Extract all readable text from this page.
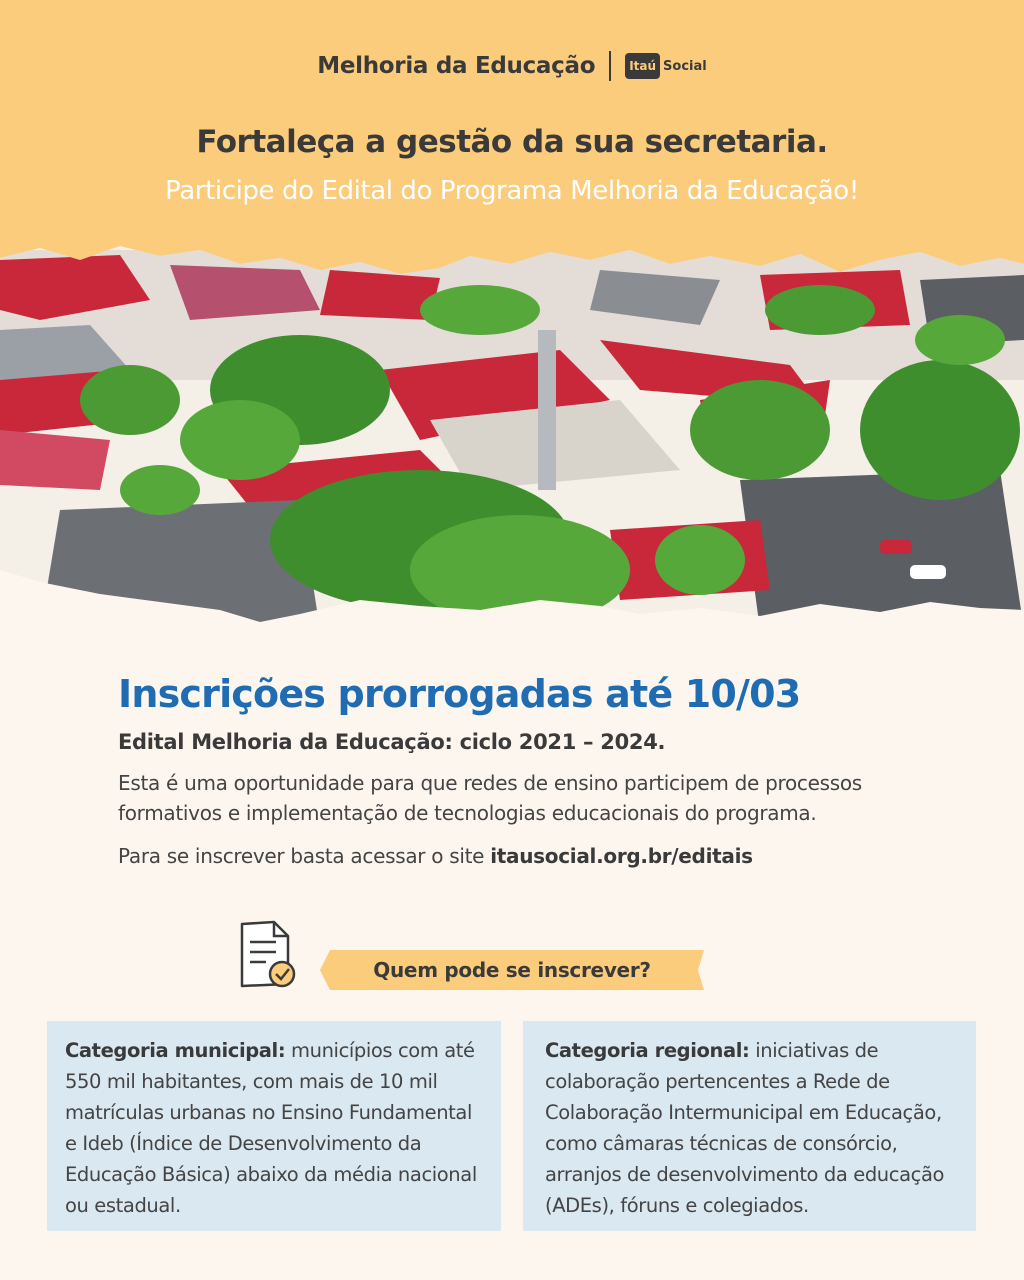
Melhoria da Educação	Itaú Social
Fortaleça a gestão da sua secretaria.
Participe do Edital do Programa Melhoria da Educação!
Inscrições prorrogadas até 10/03
Edital Melhoria da Educação: ciclo 2021 – 2024.
Esta é uma oportunidade para que redes de ensino participem de processos
formativos e implementação de tecnologias educacionais do programa.
Para se inscrever basta acessar o site itausocial.org.br/editais
Quem pode se inscrever?
Categoria municipal: municípios com até
550 mil habitantes, com mais de 10 mil
matrículas urbanas no Ensino Fundamental
e Ideb (Índice de Desenvolvimento da
Educação Básica) abaixo da média nacional
ou estadual.
Categoria regional: iniciativas de
colaboração pertencentes a Rede de
Colaboração Intermunicipal em Educação,
como câmaras técnicas de consórcio,
arranjos de desenvolvimento da educação
(ADEs), fóruns e colegiados.
